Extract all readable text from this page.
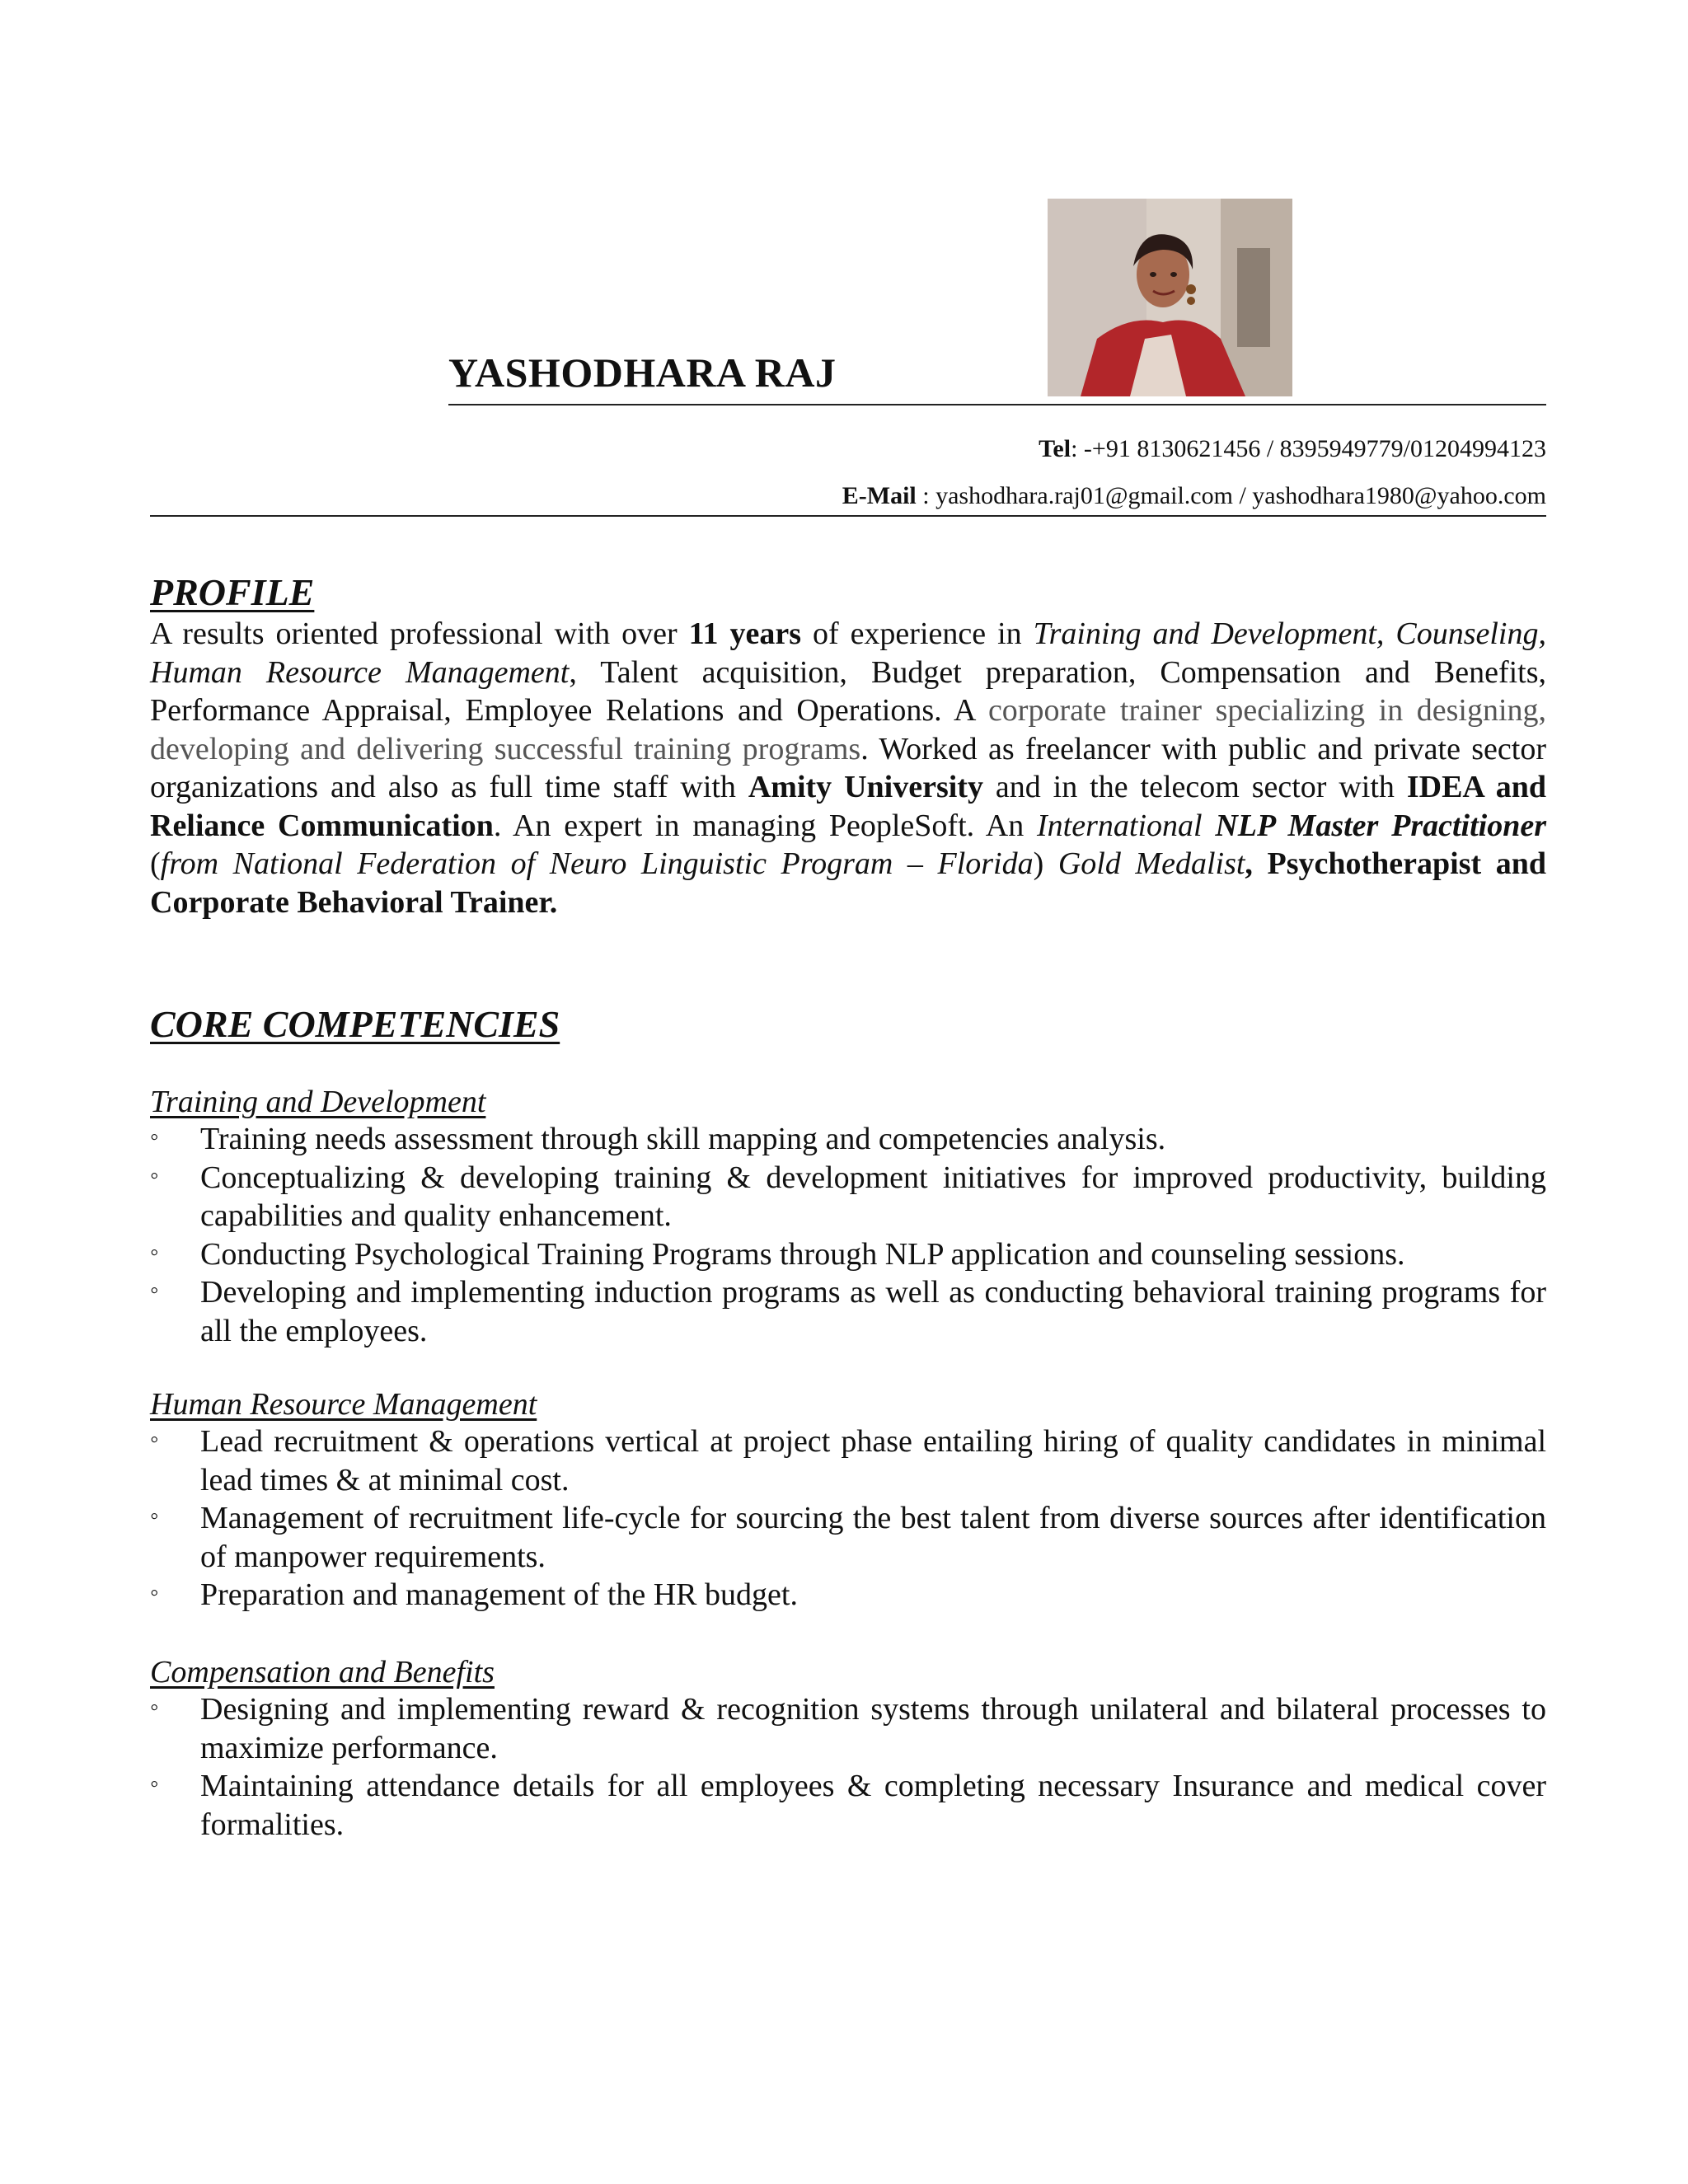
YASHODHARA RAJ
Tel: -+91 8130621456 / 8395949779/01204994123
E-Mail : yashodhara.raj01@gmail.com / yashodhara1980@yahoo.com
PROFILE
A results oriented professional with over 11 years of experience in Training and Development, Counseling, Human Resource Management, Talent acquisition, Budget preparation, Compensation and Benefits, Performance Appraisal, Employee Relations and Operations. A corporate trainer specializing in designing, developing and delivering successful training programs. Worked as freelancer with public and private sector organizations and also as full time staff with Amity University and in the telecom sector with IDEA and Reliance Communication. An expert in managing PeopleSoft. An International NLP Master Practitioner (from National Federation of Neuro Linguistic Program – Florida) Gold Medalist, Psychotherapist and Corporate Behavioral Trainer.
CORE COMPETENCIES
Training and Development
◦ Training needs assessment through skill mapping and competencies analysis.
◦ Conceptualizing & developing training & development initiatives for improved productivity, building capabilities and quality enhancement.
◦ Conducting Psychological Training Programs through NLP application and counseling sessions.
◦ Developing and implementing induction programs as well as conducting behavioral training programs for all the employees.
Human Resource Management
◦ Lead recruitment & operations vertical at project phase entailing hiring of quality candidates in minimal lead times & at minimal cost.
◦ Management of recruitment life-cycle for sourcing the best talent from diverse sources after identification of manpower requirements.
◦ Preparation and management of the HR budget.
Compensation and Benefits
◦ Designing and implementing reward & recognition systems through unilateral and bilateral processes to maximize performance.
◦ Maintaining attendance details for all employees & completing necessary Insurance and medical cover formalities.
